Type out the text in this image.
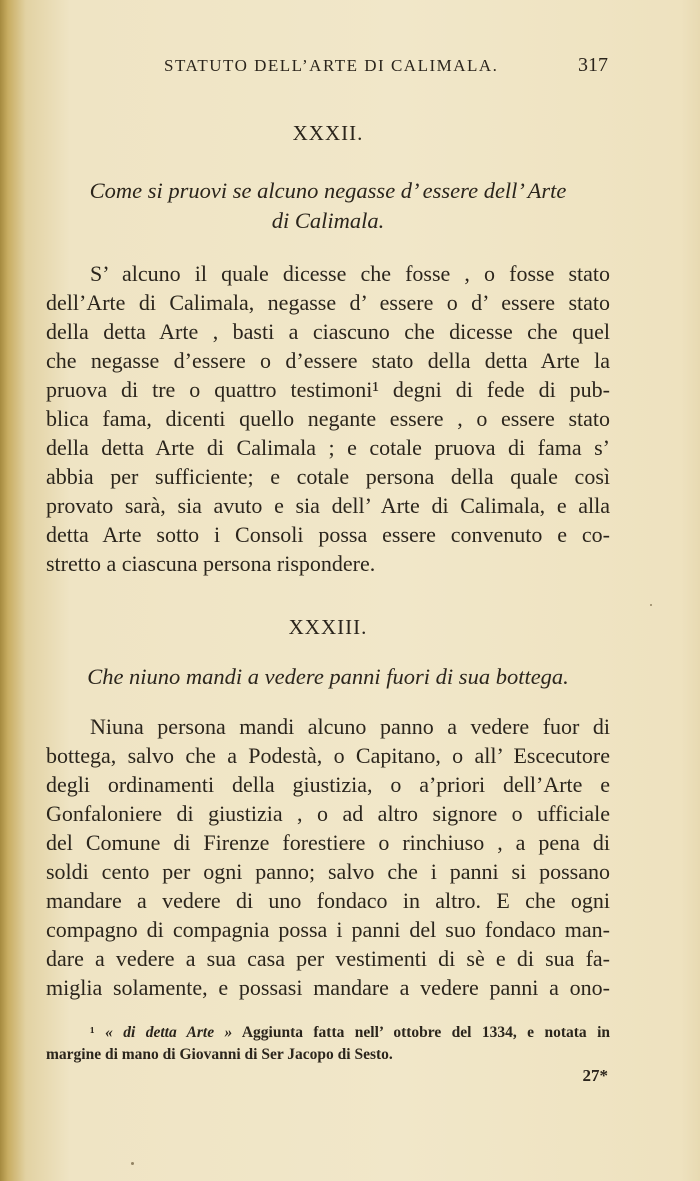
STATUTO DELL’ARTE DI CALIMALA.	317
XXXII.
Come si pruovi se alcuno negasse d’ essere dell’ Arte
di Calimala.

S’ alcuno il quale dicesse che fosse , o fosse stato
dell’Arte di Calimala, negasse d’ essere o d’ essere stato
della detta Arte , basti a ciascuno che dicesse che quel
che negasse d’essere o d’essere stato della detta Arte la
pruova di tre o quattro testimoni¹ degni di fede di pub-
blica fama, dicenti quello negante essere , o essere stato
della detta Arte di Calimala ; e cotale pruova di fama s’
abbia per sufficiente; e cotale persona della quale così
provato sarà, sia avuto e sia dell’ Arte di Calimala, e alla
detta Arte sotto i Consoli possa essere convenuto e co-
stretto a ciascuna persona rispondere.

XXXIII.
Che niuno mandi a vedere panni fuori di sua bottega.

Niuna persona mandi alcuno panno a vedere fuor di
bottega, salvo che a Podestà, o Capitano, o all’ Escecutore
degli ordinamenti della giustizia, o a’priori dell’Arte e
Gonfaloniere di giustizia , o ad altro signore o ufficiale
del Comune di Firenze forestiere o rinchiuso , a pena di
soldi cento per ogni panno; salvo che i panni si possano
mandare a vedere di uno fondaco in altro. E che ogni
compagno di compagnia possa i panni del suo fondaco man-
dare a vedere a sua casa per vestimenti di sè e di sua fa-
miglia solamente, e possasi mandare a vedere panni a ono-

¹ « di detta Arte » Aggiunta fatta nell’ ottobre del 1334, e notata in
margine di mano di Giovanni di Ser Jacopo di Sesto.
27*
